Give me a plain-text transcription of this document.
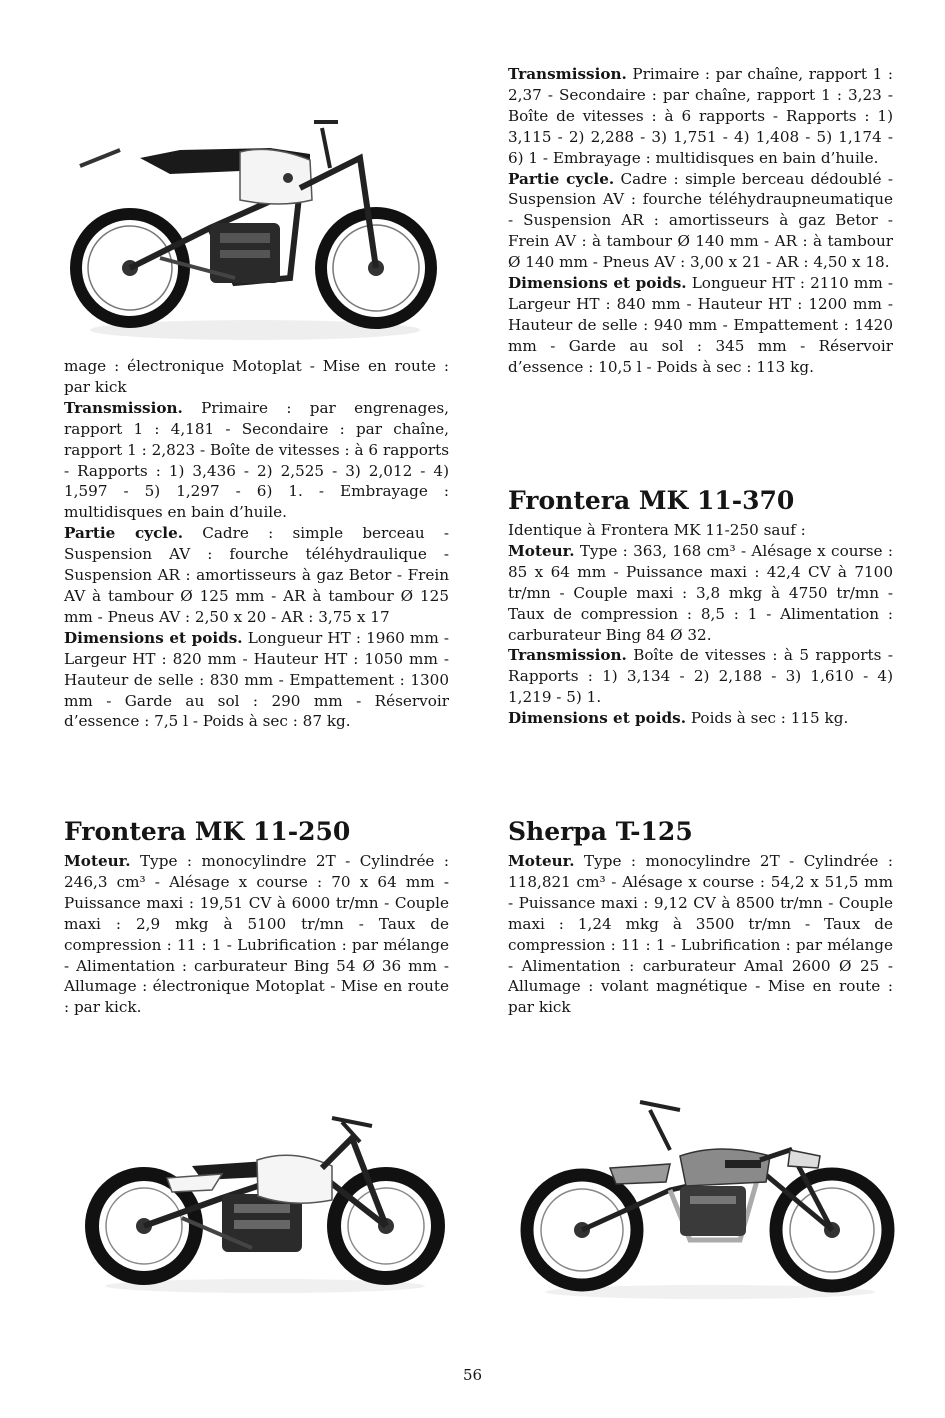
mage : électronique Motoplat - Mise en route : par kick

Transmission. Primaire : par engrenages, rapport 1 : 4,181 - Secondaire : par chaîne, rapport 1 : 2,823 - Boîte de vitesses : à 6 rapports - Rapports : 1) 3,436 - 2) 2,525 - 3) 2,012 - 4) 1,597 - 5) 1,297 - 6) 1. - Embrayage : multidisques en bain d’huile.

Partie cycle. Cadre : simple berceau - Suspension AV : fourche téléhydraulique - Suspension AR : amortisseurs à gaz Betor - Frein AV à tambour Ø 125 mm - AR à tambour Ø 125 mm - Pneus AV : 2,50 x 20 - AR : 3,75 x 17

Dimensions et poids. Longueur HT : 1960 mm - Largeur HT : 820 mm - Hauteur HT : 1050 mm - Hauteur de selle : 830 mm - Empattement : 1300 mm - Garde au sol : 290 mm - Réservoir d’essence : 7,5 l - Poids à sec : 87 kg.

Frontera MK 11-250

Moteur. Type : monocylindre 2T - Cylindrée : 246,3 cm³ - Alésage x course : 70 x 64 mm - Puissance maxi : 19,51 CV à 6000 tr/mn - Couple maxi : 2,9 mkg à 5100 tr/mn - Taux de compression : 11 : 1 - Lubrification : par mélange - Alimentation : carburateur Bing 54 Ø 36 mm - Allumage : électronique Motoplat - Mise en route : par kick.

Transmission. Primaire : par chaîne, rapport 1 : 2,37 - Secondaire : par chaîne, rapport 1 : 3,23 - Boîte de vitesses : à 6 rapports - Rapports : 1) 3,115 - 2) 2,288 - 3) 1,751 - 4) 1,408 - 5) 1,174 - 6) 1 - Embrayage : multidisques en bain d’huile.

Partie cycle. Cadre : simple berceau dédoublé - Suspension AV : fourche téléhydraupneumatique - Suspension AR : amortisseurs à gaz Betor - Frein AV : à tambour Ø 140 mm - AR : à tambour Ø 140 mm - Pneus AV : 3,00 x 21 - AR : 4,50 x 18.

Dimensions et poids. Longueur HT : 2110 mm - Largeur HT : 840 mm - Hauteur HT : 1200 mm - Hauteur de selle : 940 mm - Empattement : 1420 mm - Garde au sol : 345 mm - Réservoir d’essence : 10,5 l - Poids à sec : 113 kg.

Frontera MK 11-370

Identique à Frontera MK 11-250 sauf :

Moteur. Type : 363, 168 cm³ - Alésage x course : 85 x 64 mm - Puissance maxi : 42,4 CV à 7100 tr/mn - Couple maxi : 3,8 mkg à 4750 tr/mn - Taux de compression : 8,5 : 1 - Alimentation : carburateur Bing 84 Ø 32.

Transmission. Boîte de vitesses : à 5 rapports - Rapports : 1) 3,134 - 2) 2,188 - 3) 1,610 - 4) 1,219 - 5) 1.

Dimensions et poids. Poids à sec : 115 kg.

Sherpa T-125

Moteur. Type : monocylindre 2T - Cylindrée : 118,821 cm³ - Alésage x course : 54,2 x 51,5 mm - Puissance maxi : 9,12 CV à 8500 tr/mn - Couple maxi : 1,24 mkg à 3500 tr/mn - Taux de compression : 11 : 1 - Lubrification : par mélange - Alimentation : carburateur Amal 2600 Ø 25 - Allumage : volant magnétique - Mise en route : par kick

56
